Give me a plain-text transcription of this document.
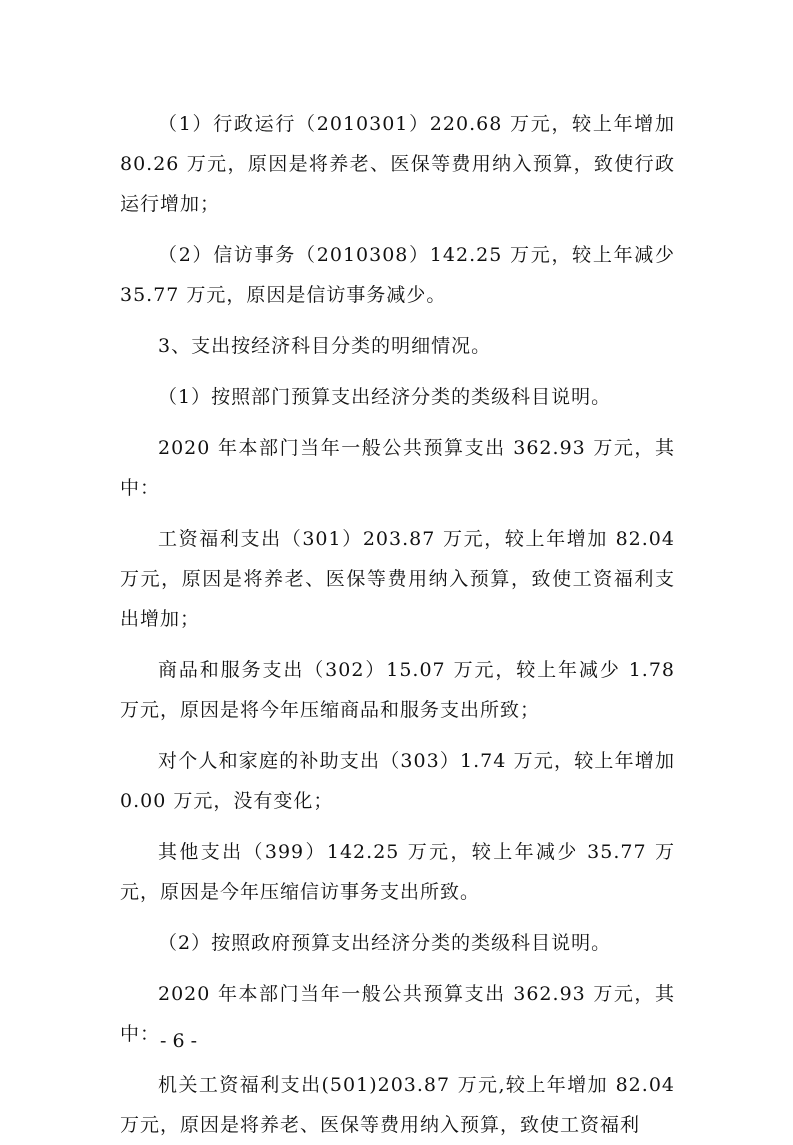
（1）行政运行（2010301）220.68 万元，较上年增加 80.26 万元，原因是将养老、医保等费用纳入预算，致使行政运行增加；

（2）信访事务（2010308）142.25 万元，较上年减少 35.77 万元，原因是信访事务减少。

3、支出按经济科目分类的明细情况。

（1）按照部门预算支出经济分类的类级科目说明。

2020 年本部门当年一般公共预算支出 362.93 万元，其中：

工资福利支出（301）203.87 万元，较上年增加 82.04 万元，原因是将养老、医保等费用纳入预算，致使工资福利支出增加；

商品和服务支出（302）15.07 万元，较上年减少 1.78 万元，原因是将今年压缩商品和服务支出所致；

对个人和家庭的补助支出（303）1.74 万元，较上年增加 0.00 万元，没有变化；

其他支出（399）142.25 万元，较上年减少 35.77 万元，原因是今年压缩信访事务支出所致。

（2）按照政府预算支出经济分类的类级科目说明。

2020 年本部门当年一般公共预算支出 362.93 万元，其中：

机关工资福利支出(501)203.87 万元,较上年增加 82.04 万元，原因是将养老、医保等费用纳入预算，致使工资福利

- 6 -
